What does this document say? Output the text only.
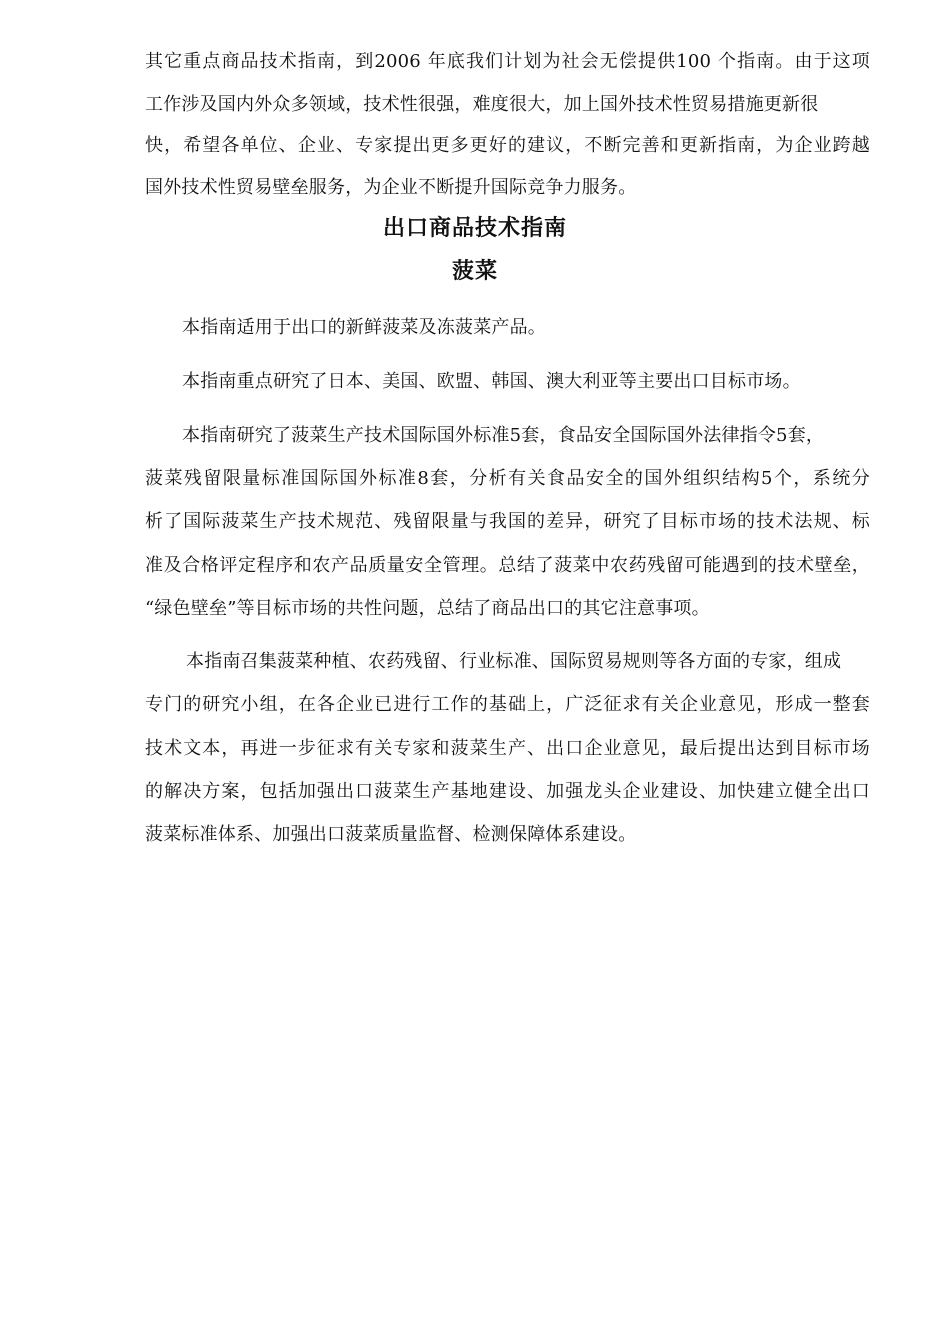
其它重点商品技术指南，到2006 年底我们计划为社会无偿提供100 个指南。由于这项
工作涉及国内外众多领域，技术性很强，难度很大，加上国外技术性贸易措施更新很
快，希望各单位、企业、专家提出更多更好的建议，不断完善和更新指南，为企业跨越
国外技术性贸易壁垒服务，为企业不断提升国际竞争力服务。
出口商品技术指南
菠菜
本指南适用于出口的新鲜菠菜及冻菠菜产品。
本指南重点研究了日本、美国、欧盟、韩国、澳大利亚等主要出口目标市场。
本指南研究了菠菜生产技术国际国外标准5套，食品安全国际国外法律指令5套，
菠菜残留限量标准国际国外标准8套，分析有关食品安全的国外组织结构5个，系统分
析了国际菠菜生产技术规范、残留限量与我国的差异，研究了目标市场的技术法规、标
准及合格评定程序和农产品质量安全管理。总结了菠菜中农药残留可能遇到的技术壁垒，
“绿色壁垒”等目标市场的共性问题，总结了商品出口的其它注意事项。
本指南召集菠菜种植、农药残留、行业标准、国际贸易规则等各方面的专家，组成
专门的研究小组，在各企业已进行工作的基础上，广泛征求有关企业意见，形成一整套
技术文本，再进一步征求有关专家和菠菜生产、出口企业意见，最后提出达到目标市场
的解决方案，包括加强出口菠菜生产基地建设、加强龙头企业建设、加快建立健全出口
菠菜标准体系、加强出口菠菜质量监督、检测保障体系建设。
